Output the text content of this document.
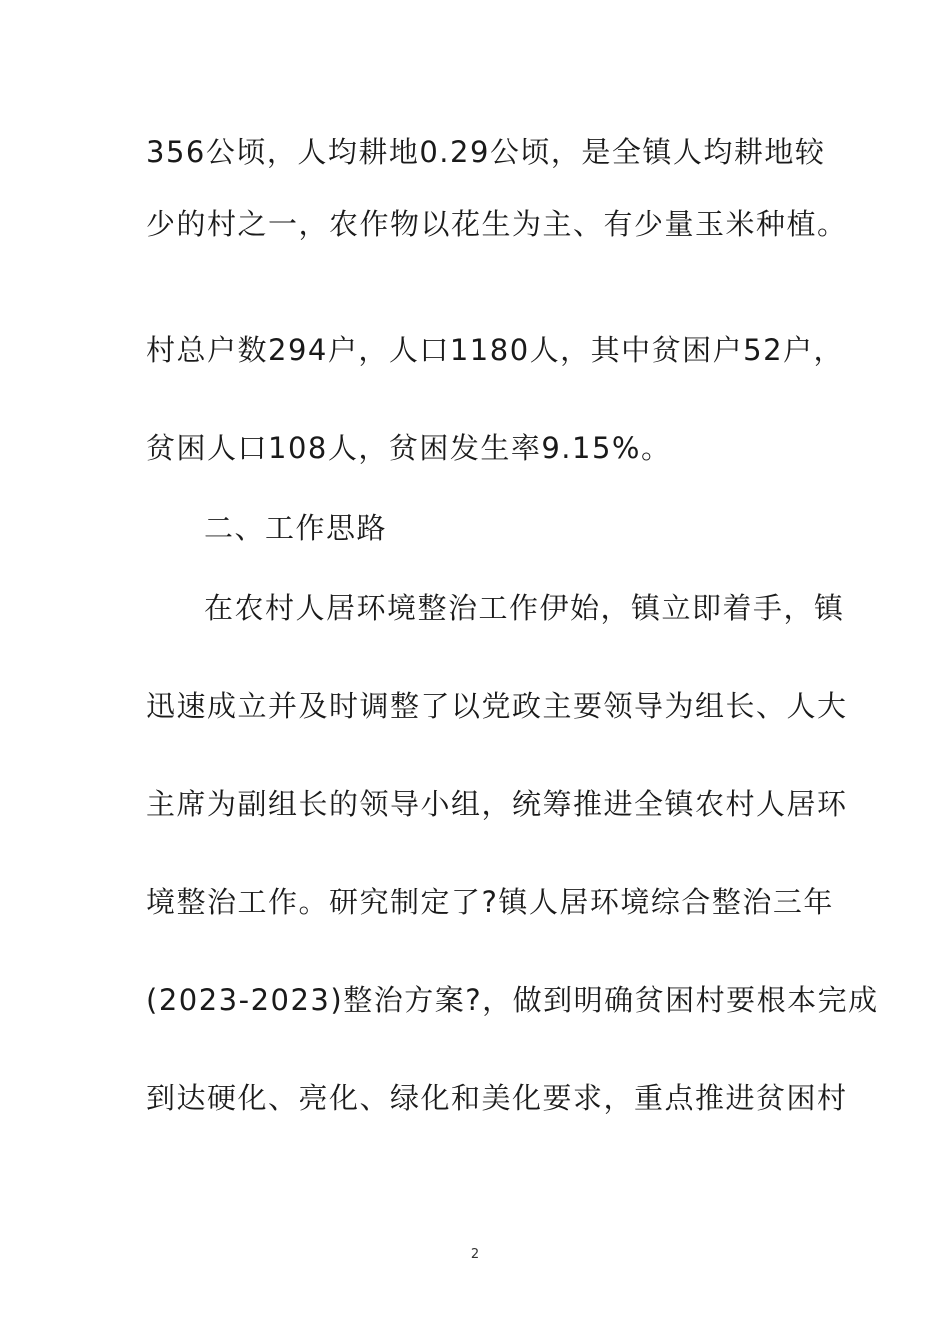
356公顷，人均耕地0.29公顷，是全镇人均耕地较
少的村之一，农作物以花生为主、有少量玉米种植。
村总户数294户，人口1180人，其中贫困户52户，
贫困人口108人，贫困发生率9.15%。
二、工作思路
在农村人居环境整治工作伊始，镇立即着手，镇
迅速成立并及时调整了以党政主要领导为组长、人大
主席为副组长的领导小组，统筹推进全镇农村人居环
境整治工作。研究制定了?镇人居环境综合整治三年
(2023-2023)整治方案?，做到明确贫困村要根本完成
到达硬化、亮化、绿化和美化要求，重点推进贫困村
2
